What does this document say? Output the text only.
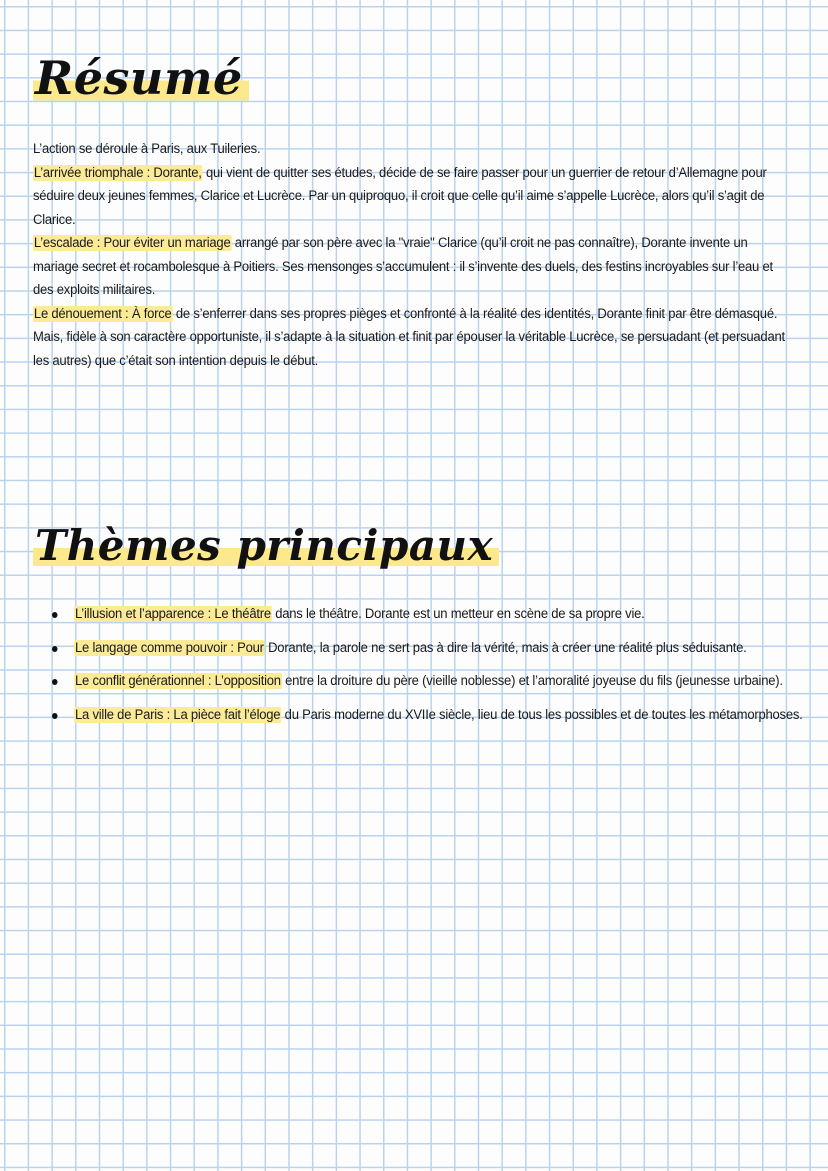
Résumé

L’action se déroule à Paris, aux Tuileries.

L’arrivée triomphale : Dorante, qui vient de quitter ses études, décide de se faire passer pour un guerrier de retour d’Allemagne pour séduire deux jeunes femmes, Clarice et Lucrèce. Par un quiproquo, il croit que celle qu’il aime s’appelle Lucrèce, alors qu’il s’agit de Clarice.

L’escalade : Pour éviter un mariage arrangé par son père avec la "vraie" Clarice (qu’il croit ne pas connaître), Dorante invente un mariage secret et rocambolesque à Poitiers. Ses mensonges s’accumulent : il s’invente des duels, des festins incroyables sur l’eau et des exploits militaires.

Le dénouement : À force de s’enferrer dans ses propres pièges et confronté à la réalité des identités, Dorante finit par être démasqué. Mais, fidèle à son caractère opportuniste, il s’adapte à la situation et finit par épouser la véritable Lucrèce, se persuadant (et persuadant les autres) que c’était son intention depuis le début.

Thèmes principaux
L’illusion et l’apparence : Le théâtre dans le théâtre. Dorante est un metteur en scène de sa propre vie.
Le langage comme pouvoir : Pour Dorante, la parole ne sert pas à dire la vérité, mais à créer une réalité plus séduisante.
Le conflit générationnel : L’opposition entre la droiture du père (vieille noblesse) et l’amoralité joyeuse du fils (jeunesse urbaine).
La ville de Paris : La pièce fait l’éloge du Paris moderne du XVIIe siècle, lieu de tous les possibles et de toutes les métamorphoses.
